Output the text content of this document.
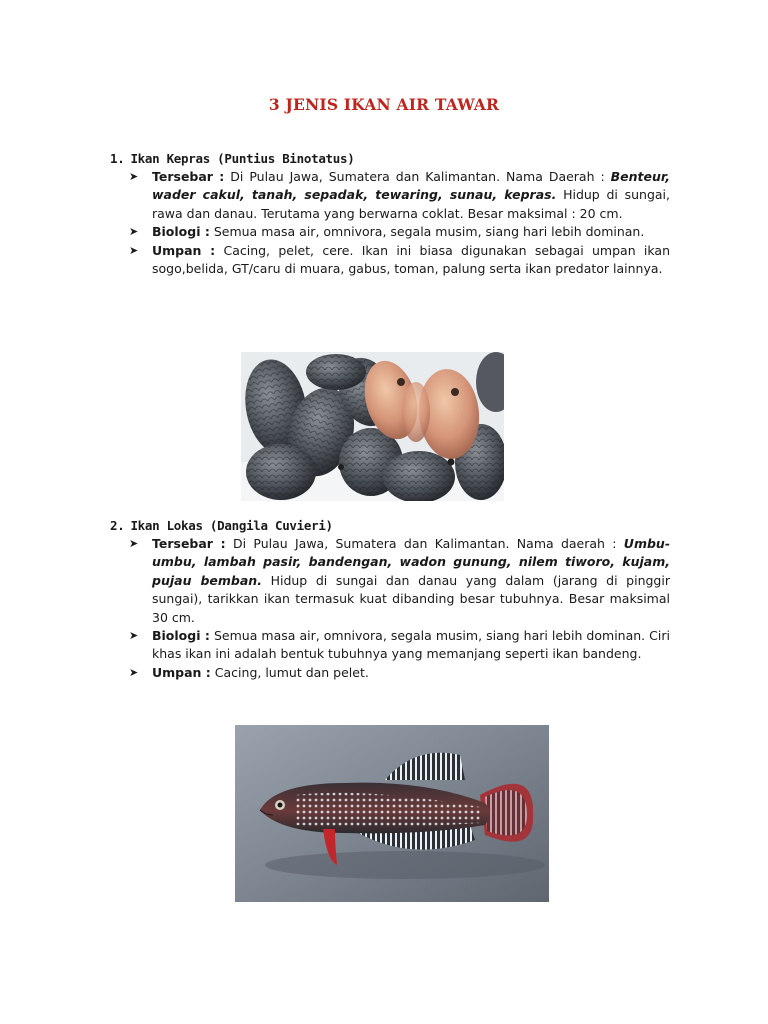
3 JENIS IKAN AIR TAWAR
1. Ikan Kepras (Puntius Binotatus)
➤ Tersebar : Di Pulau Jawa, Sumatera dan Kalimantan. Nama Daerah : Benteur, wader cakul, tanah, sepadak, tewaring, sunau, kepras. Hidup di sungai, rawa dan danau. Terutama yang berwarna coklat. Besar maksimal : 20 cm.
➤ Biologi : Semua masa air, omnivora, segala musim, siang hari lebih dominan.
➤ Umpan : Cacing, pelet, cere. Ikan ini biasa digunakan sebagai umpan ikan sogo,belida, GT/caru di muara, gabus, toman, palung serta ikan predator lainnya.
2. Ikan Lokas (Dangila Cuvieri)
➤ Tersebar : Di Pulau Jawa, Sumatera dan Kalimantan. Nama daerah : Umbu-umbu, lambah pasir, bandengan, wadon gunung, nilem tiworo, kujam, pujau bemban. Hidup di sungai dan danau yang dalam (jarang di pinggir sungai), tarikkan ikan termasuk kuat dibanding besar tubuhnya. Besar maksimal 30 cm.
➤ Biologi : Semua masa air, omnivora, segala musim, siang hari lebih dominan. Ciri khas ikan ini adalah bentuk tubuhnya yang memanjang seperti ikan bandeng.
➤ Umpan : Cacing, lumut dan pelet.
